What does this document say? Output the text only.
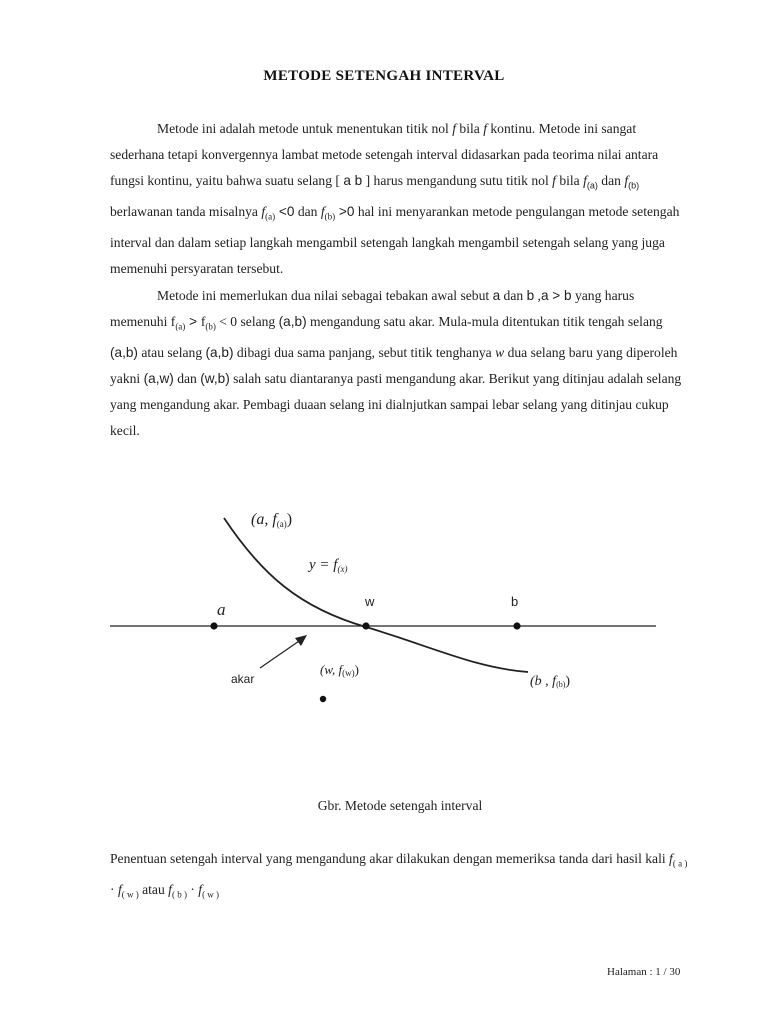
METODE SETENGAH INTERVAL

Metode ini adalah metode untuk menentukan titik nol f bila f kontinu. Metode ini sangat sederhana tetapi konvergennya lambat metode setengah interval didasarkan pada teorima nilai antara fungsi kontinu, yaitu bahwa suatu selang [ a b ] harus mengandung sutu titik nol f bila $f_{(a)}$ dan $f_{(b)}$ berlawanan tanda misalnya $f_{(a)} <0$ dan $f_{(b)} >0$ hal ini menyarankan metode pengulangan metode setengah interval dan dalam setiap langkah mengambil setengah langkah mengambil setengah selang yang juga memenuhi persyaratan tersebut.

Metode ini memerlukan dua nilai sebagai tebakan awal sebut a dan b ,a > b yang harus memenuhi $f_{(a)} > f_{(b)} < 0$ selang (a,b) mengandung satu akar. Mula-mula ditentukan titik tengah selang (a,b) atau selang (a,b) dibagi dua sama panjang, sebut titik tenghanya w dua selang baru yang diperoleh yakni (a,w) dan (w,b) salah satu diantaranya pasti mengandung akar. Berikut yang ditinjau adalah selang yang mengandung akar. Pembagi duaan selang ini dialnjutkan sampai lebar selang yang ditinjau cukup kecil.

(a, f(a))
$y = f_{(x)}$
a	w	b
akar
(w, f(w))
(b , f(b))
Gbr. Metode setengah interval
Penentuan setengah interval yang mengandung akar dilakukan dengan memeriksa tanda dari hasil kali $f_{( a )} \cdot f_{( w )}$ atau $f_{( b )} \cdot f_{( w )}$
Halaman : 1 / 30
